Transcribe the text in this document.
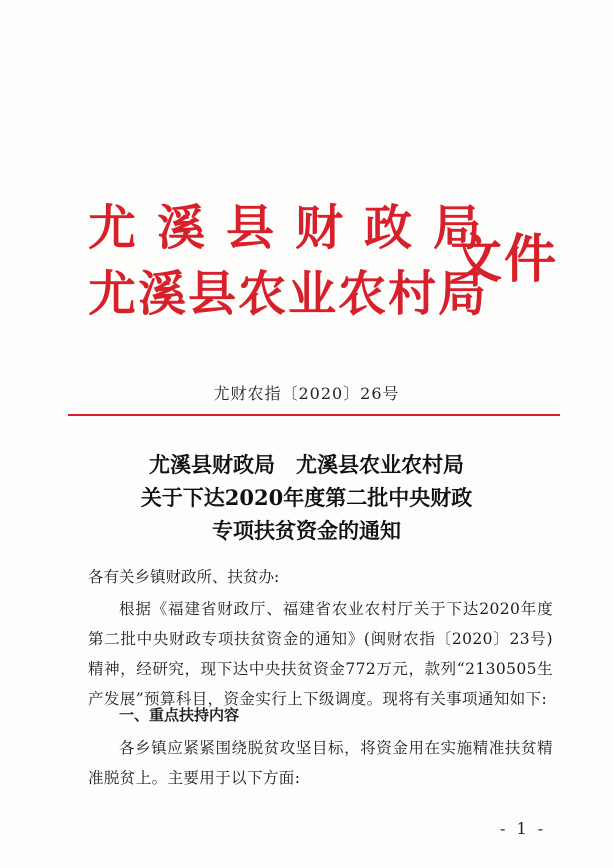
尤溪县财政局
尤溪县农业农村局
文件
尤财农指〔2020〕26号
尤溪县财政局　尤溪县农业农村局
关于下达2020年度第二批中央财政
专项扶贫资金的通知
各有关乡镇财政所、扶贫办:
根据《福建省财政厅、福建省农业农村厅关于下达2020年度第二批中央财政专项扶贫资金的通知》(闽财农指〔2020〕23号)精神，经研究，现下达中央扶贫资金772万元，款列“2130505生产发展”预算科目，资金实行上下级调度。现将有关事项通知如下:
一、重点扶持内容
各乡镇应紧紧围绕脱贫攻坚目标，将资金用在实施精准扶贫精准脱贫上。主要用于以下方面:
- 1 -
